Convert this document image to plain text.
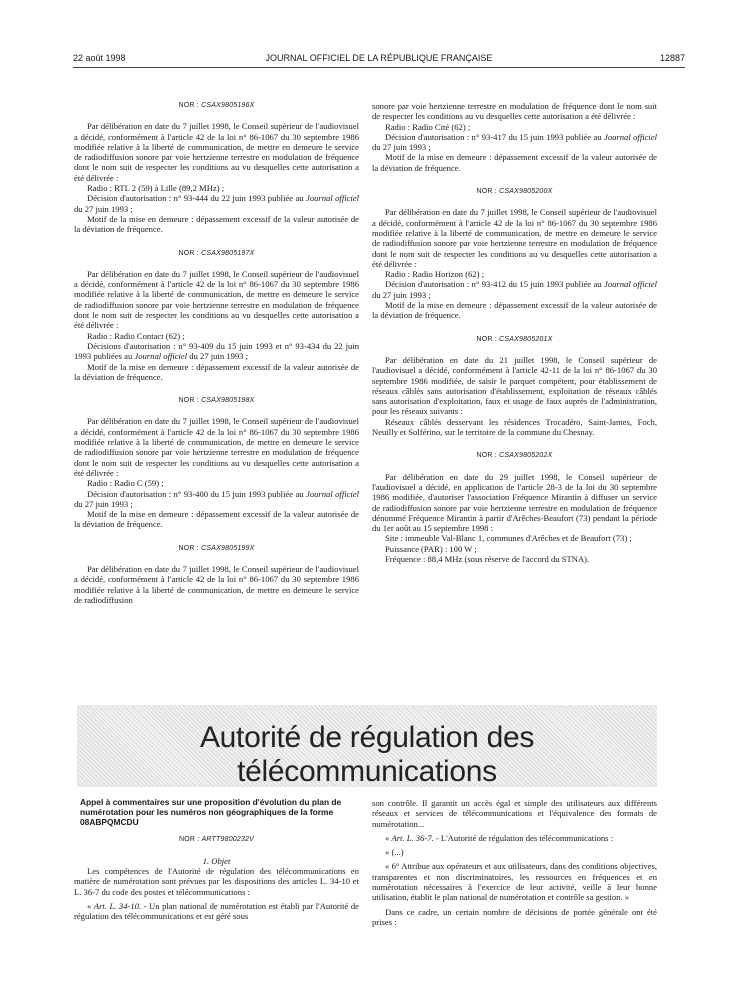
22 août 1998	JOURNAL OFFICIEL DE LA RÉPUBLIQUE FRANÇAISE	12887
NOR : CSAX9805196X

Par délibération en date du 7 juillet 1998, le Conseil supérieur de l'audiovisuel a décidé, conformément à l'article 42 de la loi n° 86-1067 du 30 septembre 1986 modifiée relative à la liberté de communication, de mettre en demeure le service de radiodiffusion sonore par voie hertzienne terrestre en modulation de fréquence dont le nom suit de respecter les conditions au vu desquelles cette autorisation a été délivrée :

Radio : RTL 2 (59) à Lille (89,2 MHz) ;

Décision d'autorisation : n° 93-444 du 22 juin 1993 publiée au Journal officiel du 27 juin 1993 ;

Motif de la mise en demeure : dépassement excessif de la valeur autorisée de la déviation de fréquence.

NOR : CSAX9805197X

Par délibération en date du 7 juillet 1998, le Conseil supérieur de l'audiovisuel a décidé, conformément à l'article 42 de la loi n° 86-1067 du 30 septembre 1986 modifiée relative à la liberté de communication, de mettre en demeure le service de radiodiffusion sonore par voie hertzienne terrestre en modulation de fréquence dont le nom suit de respecter les conditions au vu desquelles cette autorisation a été délivrée :

Radio : Radio Contact (62) ;

Décisions d'autorisation : n° 93-409 du 15 juin 1993 et n° 93-434 du 22 juin 1993 publiées au Journal officiel du 27 juin 1993 ;

Motif de la mise en demeure : dépassement excessif de la valeur autorisée de la déviation de fréquence.

NOR : CSAX9805198X

Par délibération en date du 7 juillet 1998, le Conseil supérieur de l'audiovisuel a décidé, conformément à l'article 42 de la loi n° 86-1067 du 30 septembre 1986 modifiée relative à la liberté de communication, de mettre en demeure le service de radiodiffusion sonore par voie hertzienne terrestre en modulation de fréquence dont le nom suit de respecter les conditions au vu desquelles cette autorisation a été délivrée :

Radio : Radio C (59) ;

Décision d'autorisation : n° 93-400 du 15 juin 1993 publiée au Journal officiel du 27 juin 1993 ;

Motif de la mise en demeure : dépassement excessif de la valeur autorisée de la déviation de fréquence.

NOR : CSAX9805199X

Par délibération en date du 7 juillet 1998, le Conseil supérieur de l'audiovisuel a décidé, conformément à l'article 42 de la loi n° 86-1067 du 30 septembre 1986 modifiée relative à la liberté de communication, de mettre en demeure le service de radiodiffusion

sonore par voie hertzienne terrestre en modulation de fréquence dont le nom suit de respecter les conditions au vu desquelles cette autorisation a été délivrée :

Radio : Radio Cité (62) ;

Décision d'autorisation : n° 93-417 du 15 juin 1993 publiée au Journal officiel du 27 juin 1993 ;

Motif de la mise en demeure : dépassement excessif de la valeur autorisée de la déviation de fréquence.

NOR : CSAX9805200X

Par délibération en date du 7 juillet 1998, le Conseil supérieur de l'audiovisuel a décidé, conformément à l'article 42 de la loi n° 86-1067 du 30 septembre 1986 modifiée relative à la liberté de communication, de mettre en demeure le service de radiodiffusion sonore par voie hertzienne terrestre en modulation de fréquence dont le nom suit de respecter les conditions au vu desquelles cette autorisation a été délivrée :

Radio : Radio Horizon (62) ;

Décision d'autorisation : n° 93-412 du 15 juin 1993 publiée au Journal officiel du 27 juin 1993 ;

Motif de la mise en demeure : dépassement excessif de la valeur autorisée de la déviation de fréquence.

NOR : CSAX9805201X

Par délibération en date du 21 juillet 1998, le Conseil supérieur de l'audiovisuel a décidé, conformément à l'article 42-11 de la loi n° 86-1067 du 30 septembre 1986 modifiée, de saisir le parquet compétent, pour établissement de réseaux câblés sans autorisation d'établissement, exploitation de réseaux câblés sans autorisation d'exploitation, faux et usage de faux auprès de l'administration, pour les réseaux suivants :

Réseaux câblés desservant les résidences Trocadéro, Saint-James, Foch, Neuilly et Solférino, sur le territoire de la commune du Chesnay.

NOR : CSAX9805202X

Par délibération en date du 29 juillet 1998, le Conseil supérieur de l'audiovisuel a décidé, en application de l'article 28-3 de la loi du 30 septembre 1986 modifiée, d'autoriser l'association Fréquence Mirantin à diffuser un service de radiodiffusion sonore par voie hertzienne terrestre en modulation de fréquence dénommé Fréquence Mirantin à partir d'Arêches-Beaufort (73) pendant la période du 1er août au 15 septembre 1998 :

Site : immeuble Val-Blanc 1, communes d'Arêches et de Beaufort (73) ;

Puissance (PAR) : 100 W ;

Fréquence : 88,4 MHz (sous réserve de l'accord du STNA).

Autorité de régulation des télécommunications

Appel à commentaires sur une proposition d'évolution du plan de numérotation pour les numéros non géographiques de la forme 08ABPQMCDU

NOR : ARTT9800232V

1. Objet

Les compétences de l'Autorité de régulation des télécommunications en matière de numérotation sont prévues par les dispositions des articles L. 34-10 et L. 36-7 du code des postes et télécommunications :

« Art. L. 34-10. - Un plan national de numérotation est établi par l'Autorité de régulation des télécommunications et est géré sous

son contrôle. Il garantit un accès égal et simple des utilisateurs aux différents réseaux et services de télécommunications et l'équivalence des formats de numérotation...

« Art. L. 36-7. - L'Autorité de régulation des télécommunications :

« (...)

« 6° Attribue aux opérateurs et aux utilisateurs, dans des conditions objectives, transparentes et non discriminatoires, les ressources en fréquences et en numérotation nécessaires à l'exercice de leur activité, veille à leur bonne utilisation, établit le plan national de numérotation et contrôle sa gestion. »

Dans ce cadre, un certain nombre de décisions de portée générale ont été prises :
